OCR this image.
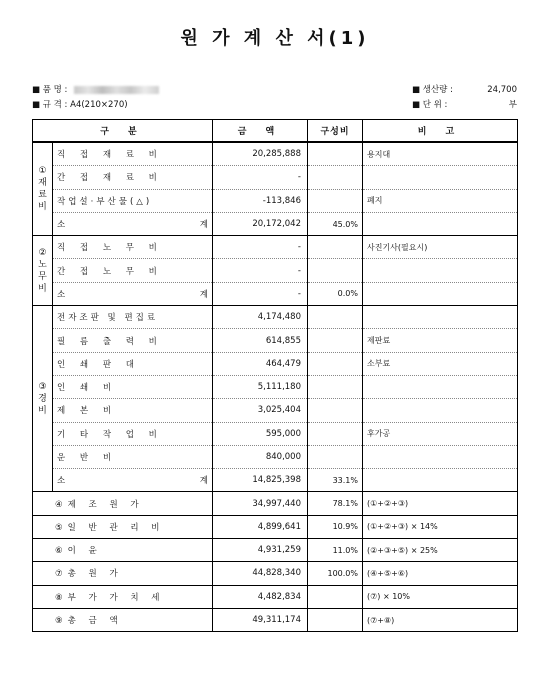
원 가 계 산 서(1)
■ 품 명 :
■ 규 격 : A4(210×270)
■ 생산량 :	24,700
■ 단 위 :	부
구 분		금 액	구성비	비 고
①
재
료
비	직 접 재 료 비	20,285,888		용지대
	간 접 재 료 비	-		
	작업설·부산물(△)	-113,846		폐지
	소 계	20,172,042	45.0%	
②
노
무
비	직 접 노 무 비	-		사진기사(필요시)
	간 접 노 무 비	-		
	소 계	-	0.0%	
③
경
비	전자조판 및 편집료	4,174,480		
	필 름 출 력 비	614,855		제판료
	인 쇄 판 대	464,479		소부료
	인 쇄 비	5,111,180		
	제 본 비	3,025,404		
	기 타 작 업 비	595,000		후가공
	운 반 비	840,000		
	소 계	14,825,398	33.1%	
④제 조 원 가		34,997,440	78.1%	(①+②+③)
⑤일 반 관 리 비		4,899,641	10.9%	(①+②+③) × 14%
⑥이 윤		4,931,259	11.0%	(②+③+⑤) × 25%
⑦총 원 가		44,828,340	100.0%	(④+⑤+⑥)
⑧부 가 가 치 세		4,482,834		(⑦) × 10%
⑨총 금 액		49,311,174		(⑦+⑧)
